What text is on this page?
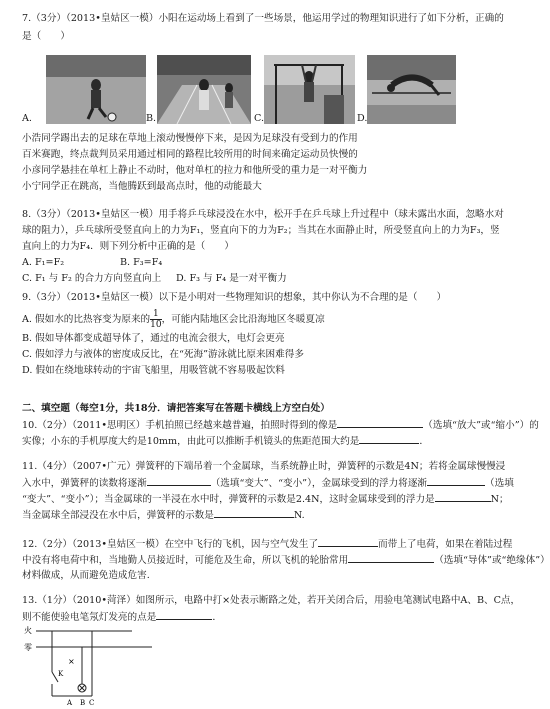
7.（3分）（2013•皇姑区一模）小阳在运动场上看到了一些场景，他运用学过的物理知识进行了如下分析，正确的
是（　　）
A.	B.	C.	D.
小浩同学踢出去的足球在草地上滚动慢慢停下来，是因为足球没有受到力的作用
百米赛跑，终点裁判员采用通过相同的路程比较所用的时间来确定运动员快慢的
小彦同学悬挂在单杠上静止不动时，他对单杠的拉力和他所受的重力是一对平衡力
小宁同学正在跳高，当他腾跃到最高点时，他的动能最大
8.（3分）（2013•皇姑区一模）用手将乒乓球浸没在水中，松开手在乒乓球上升过程中（球未露出水面，忽略水对
球的阻力），乒乓球所受竖直向上的力为F₁，竖直向下的力为F₂；当其在水面静止时，所受竖直向上的力为F₃，竖
直向上的力为F₄．则下列分析中正确的是（　　）
A. F₁=F₂	B. F₃=F₄
C. F₁ 与 F₂ 的合力方向竖直向上 D. F₃ 与 F₄ 是一对平衡力
9.（3分）（2013•皇姑区一模）以下是小明对一些物理知识的想象，其中你认为不合理的是（　　）
A. 假如水的比热容变为原来的 $\frac{1}{10}$ ，可能内陆地区会比沿海地区冬暖夏凉
B. 假如导体都变成超导体了，通过的电流会很大，电灯会更亮
C. 假如浮力与液体的密度成反比，在“死海”游泳就比原来困难得多
D. 假如在绕地球转动的宇宙飞船里，用吸管就不容易吸起饮料
二、填空题（每空1分，共18分．请把答案写在答题卡横线上方空白处）
10.（2分）（2011•思明区）手机拍照已经越来越普遍，拍照时得到的像是	（选填“放大”或“缩小”）的
实像；小东的手机厚度大约是10mm，由此可以推断手机镜头的焦距范围大约是	．
11.（4分）（2007•广元）弹簧秤的下端吊着一个金属球，当系统静止时，弹簧秤的示数是4N；若将金属球慢慢浸
入水中，弹簧秤的读数将逐渐	（选填“变大”、“变小”），金属球受到的浮力将逐渐	（选填
“变大”、“变小”）；当金属球的一半浸在水中时，弹簧秤的示数是2.4N，这时金属球受到的浮力是	N；
当金属球全部浸没在水中后，弹簧秤的示数是	N.
12.（2分）（2013•皇姑区一模）在空中飞行的飞机，因与空气发生了	而带上了电荷，如果在着陆过程
中没有将电荷中和，当地勤人员接近时，可能危及生命，所以飞机的轮胎常用	（选填“导体”或“绝缘体”）
材料做成，从而避免造成危害.
13.（1分）（2010•菏泽）如图所示，电路中打×处表示断路之处，若开关闭合后，用验电笔测试电路中A、B、C点，
则不能使验电笔氖灯发亮的点是	．
火
零
K
×
A B C
